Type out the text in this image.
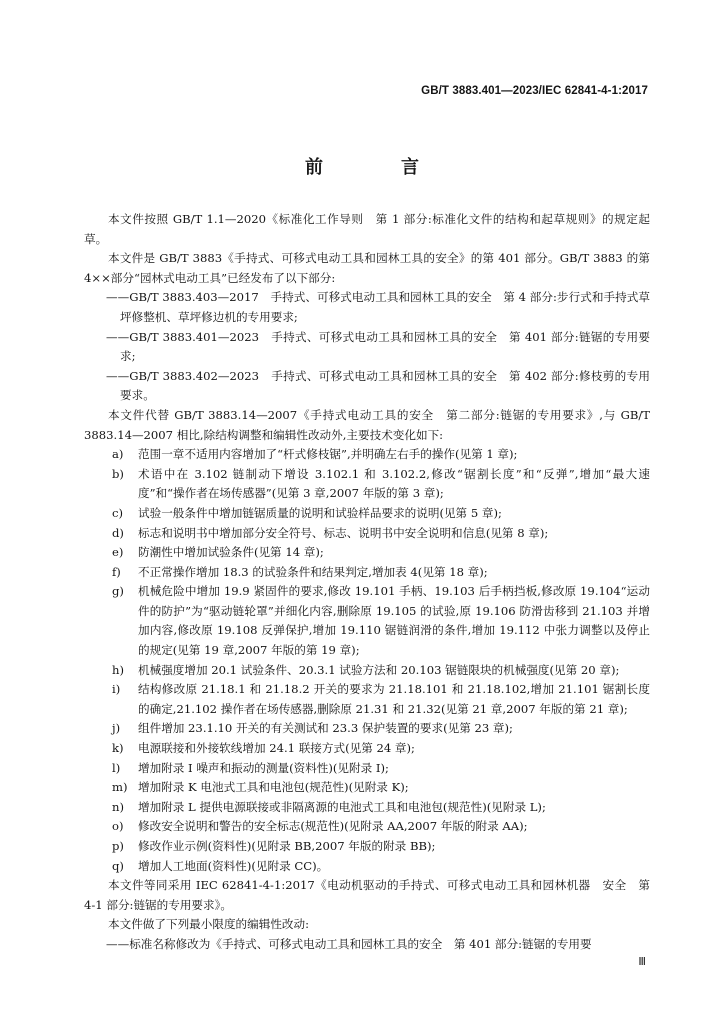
GB/T 3883.401—2023/IEC 62841-4-1:2017
前　言

本文件按照 GB/T 1.1—2020《标准化工作导则　第 1 部分:标准化文件的结构和起草规则》的规定起草。

本文件是 GB/T 3883《手持式、可移式电动工具和园林工具的安全》的第 401 部分。GB/T 3883 的第 4××部分“园林式电动工具”已经发布了以下部分:

——GB/T 3883.403—2017　手持式、可移式电动工具和园林工具的安全　第 4 部分:步行式和手持式草坪修整机、草坪修边机的专用要求;

——GB/T 3883.401—2023　手持式、可移式电动工具和园林工具的安全　第 401 部分:链锯的专用要求;

——GB/T 3883.402—2023　手持式、可移式电动工具和园林工具的安全　第 402 部分:修枝剪的专用要求。

本文件代替 GB/T 3883.14—2007《手持式电动工具的安全　第二部分:链锯的专用要求》,与 GB/T 3883.14—2007 相比,除结构调整和编辑性改动外,主要技术变化如下:

a)	范围一章不适用内容增加了“杆式修枝锯”,并明确左右手的操作(见第 1 章);
b)	术语中在 3.102 链制动下增设 3.102.1 和 3.102.2,修改“锯割长度”和“反弹”,增加“最大速度”和“操作者在场传感器”(见第 3 章,2007 年版的第 3 章);
c)	试验一般条件中增加链锯质量的说明和试验样品要求的说明(见第 5 章);
d)	标志和说明书中增加部分安全符号、标志、说明书中安全说明和信息(见第 8 章);
e)	防潮性中增加试验条件(见第 14 章);
f)	不正常操作增加 18.3 的试验条件和结果判定,增加表 4(见第 18 章);
g)	机械危险中增加 19.9 紧固件的要求,修改 19.101 手柄、19.103 后手柄挡板,修改原 19.104“运动件的防护”为“驱动链轮罩”并细化内容,删除原 19.105 的试验,原 19.106 防滑齿移到 21.103 并增加内容,修改原 19.108 反弹保护,增加 19.110 锯链润滑的条件,增加 19.112 中张力调整以及停止的规定(见第 19 章,2007 年版的第 19 章);
h)	机械强度增加 20.1 试验条件、20.3.1 试验方法和 20.103 锯链限块的机械强度(见第 20 章);
i)	结构修改原 21.18.1 和 21.18.2 开关的要求为 21.18.101 和 21.18.102,增加 21.101 锯割长度的确定,21.102 操作者在场传感器,删除原 21.31 和 21.32(见第 21 章,2007 年版的第 21 章);
j)	组件增加 23.1.10 开关的有关测试和 23.3 保护装置的要求(见第 23 章);
k)	电源联接和外接软线增加 24.1 联接方式(见第 24 章);
l)	增加附录 I 噪声和振动的测量(资料性)(见附录 I);
m) 增加附录 K 电池式工具和电池包(规范性)(见附录 K);
n)	增加附录 L 提供电源联接或非隔离源的电池式工具和电池包(规范性)(见附录 L);
o)	修改安全说明和警告的安全标志(规范性)(见附录 AA,2007 年版的附录 AA);
p)	修改作业示例(资料性)(见附录 BB,2007 年版的附录 BB);
q)	增加人工地面(资料性)(见附录 CC)。

本文件等同采用 IEC 62841-4-1:2017《电动机驱动的手持式、可移式电动工具和园林机器　安全　第 4-1 部分:链锯的专用要求》。

本文件做了下列最小限度的编辑性改动:

——标准名称修改为《手持式、可移式电动工具和园林工具的安全　第 401 部分:链锯的专用要

Ⅲ
